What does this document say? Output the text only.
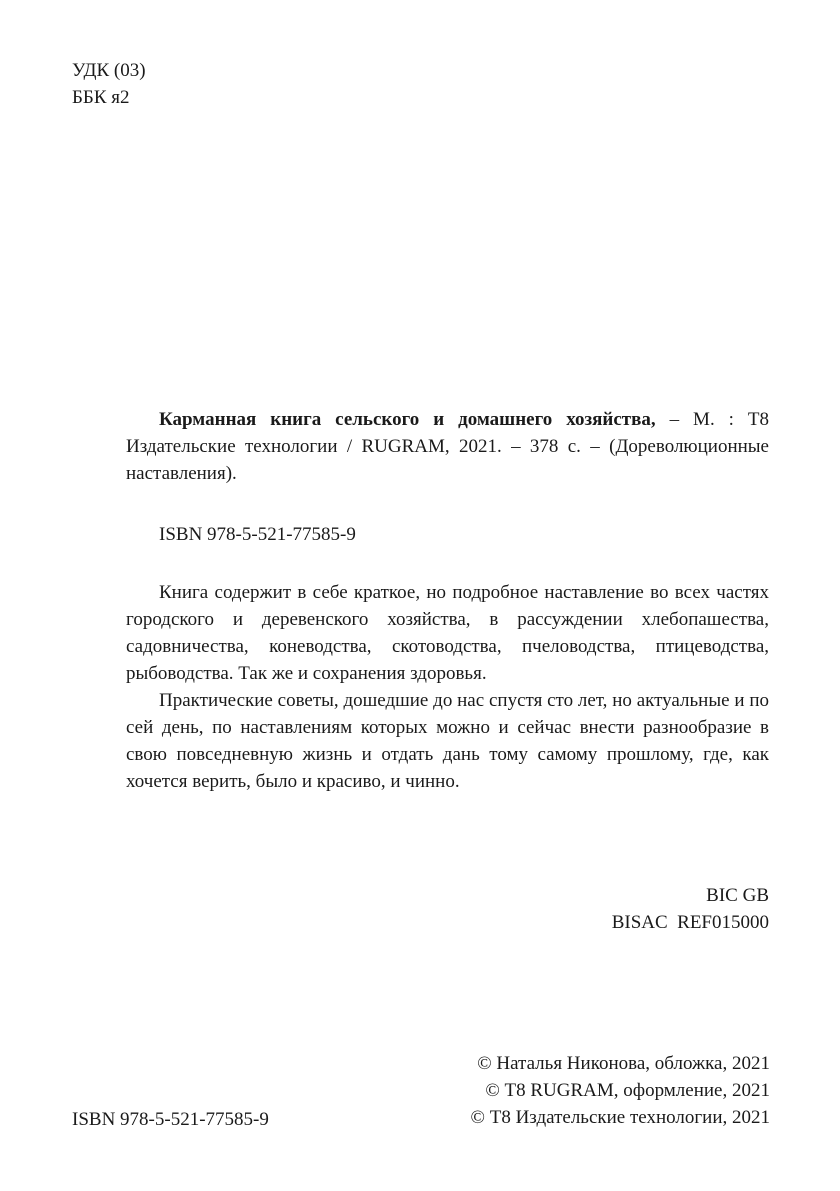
УДК (03)
ББК я2
Карманная книга сельского и домашнего хозяйства, – М. : Т8 Издательские технологии / RUGRAM, 2021. – 378 с. – (Дореволюционные наставления).
ISBN 978-5-521-77585-9

Книга содержит в себе краткое, но подробное наставление во всех частях городского и деревенского хозяйства, в рассуждении хлебопашества, садовничества, коневодства, скотоводства, пчеловодства, птицеводства, рыбоводства. Так же и сохранения здоровья.

Практические советы, дошедшие до нас спустя сто лет, но актуальные и по сей день, по наставлениям которых можно и сейчас внести разнообразие в свою повседневную жизнь и отдать дань тому самому прошлому, где, как хочется верить, было и красиво, и чинно.

BIC GB
BISAC  REF015000
ISBN 978-5-521-77585-9
© Наталья Никонова, обложка, 2021
© Т8 RUGRAM, оформление, 2021
© Т8 Издательские технологии, 2021
